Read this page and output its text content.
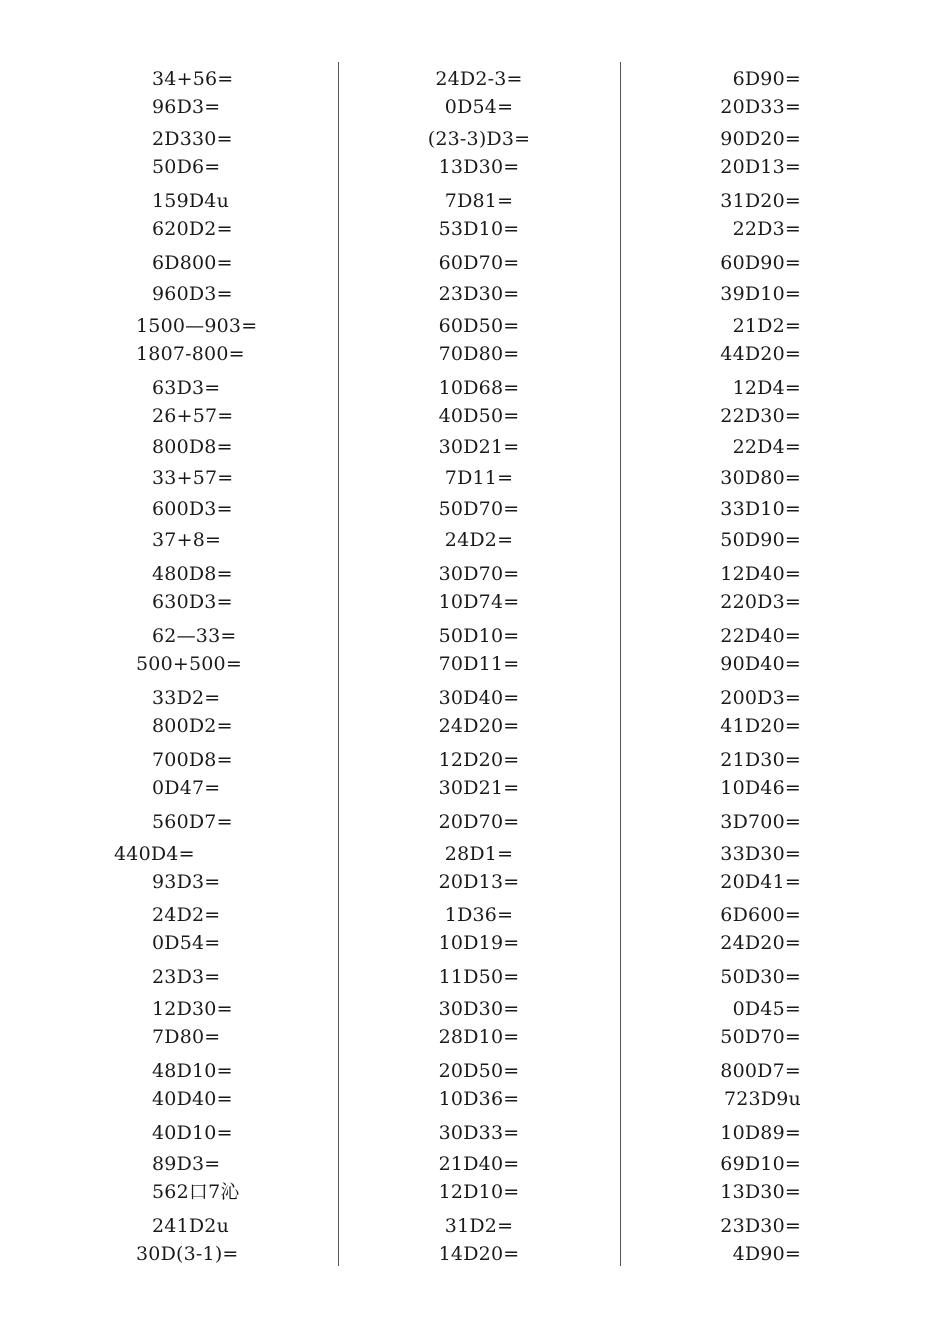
34+56=
96D3=
2D330=
50D6=
159D4u
620D2=
6D800=
960D3=
1500—903=
1807-800=
63D3=
26+57=
800D8=
33+57=
600D3=
37+8=
480D8=
630D3=
62—33=
500+500=
33D2=
800D2=
700D8=
0D47=
560D7=
440D4=
93D3=
24D2=
0D54=
23D3=
12D30=
7D80=
48D10=
40D40=
40D10=
89D3=
562口7沁
241D2u
30D(3-1)=
24D2-3=
0D54=
(23-3)D3=
13D30=
7D81=
53D10=
60D70=
23D30=
60D50=
70D80=
10D68=
40D50=
30D21=
7D11=
50D70=
24D2=
30D70=
10D74=
50D10=
70D11=
30D40=
24D20=
12D20=
30D21=
20D70=
28D1=
20D13=
1D36=
10D19=
11D50=
30D30=
28D10=
20D50=
10D36=
30D33=
21D40=
12D10=
31D2=
14D20=
6D90=
20D33=
90D20=
20D13=
31D20=
22D3=
60D90=
39D10=
21D2=
44D20=
12D4=
22D30=
22D4=
30D80=
33D10=
50D90=
12D40=
220D3=
22D40=
90D40=
200D3=
41D20=
21D30=
10D46=
3D700=
33D30=
20D41=
6D600=
24D20=
50D30=
0D45=
50D70=
800D7=
723D9u
10D89=
69D10=
13D30=
23D30=
4D90=
